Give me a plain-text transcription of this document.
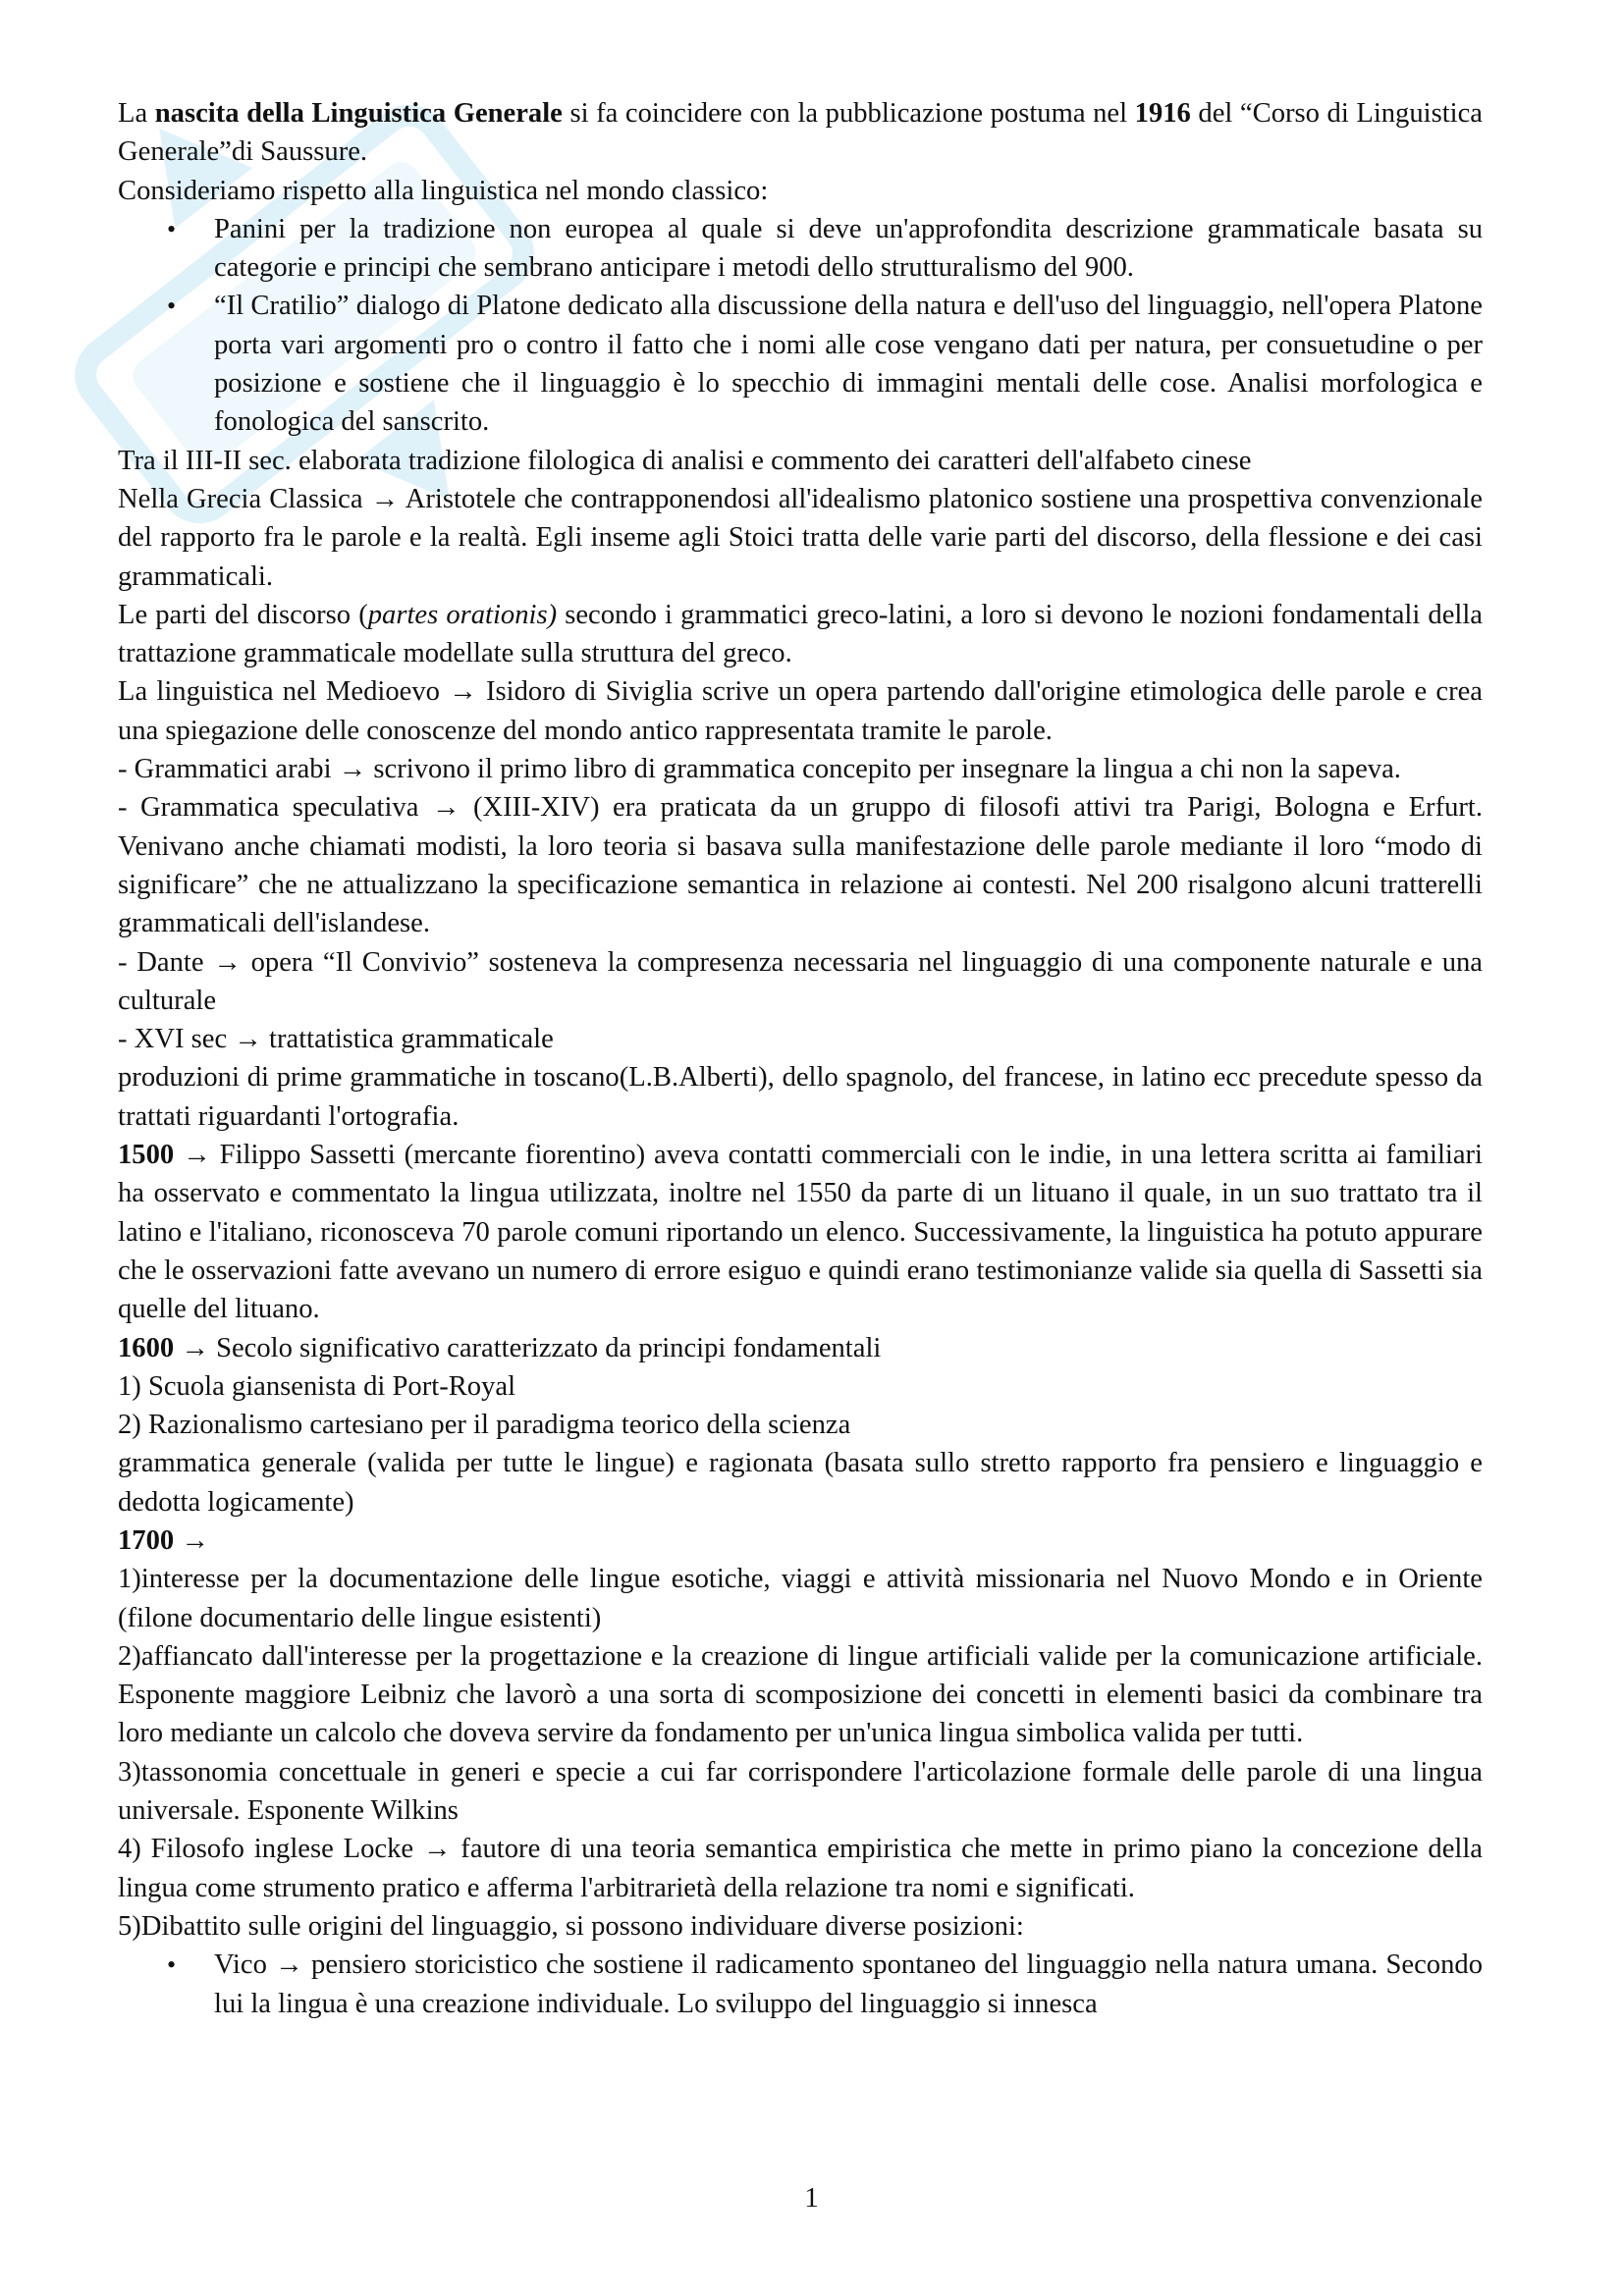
La nascita della Linguistica Generale si fa coincidere con la pubblicazione postuma nel 1916 del “Corso di Linguistica Generale”di Saussure.

Consideriamo rispetto alla linguistica nel mondo classico:

• Panini per la tradizione non europea al quale si deve un'approfondita descrizione grammaticale basata su categorie e principi che sembrano anticipare i metodi dello strutturalismo del 900.
• “Il Cratilio” dialogo di Platone dedicato alla discussione della natura e dell'uso del linguaggio, nell'opera Platone porta vari argomenti pro o contro il fatto che i nomi alle cose vengano dati per natura, per consuetudine o per posizione e sostiene che il linguaggio è lo specchio di immagini mentali delle cose. Analisi morfologica e fonologica del sanscrito.

Tra il III-II sec. elaborata tradizione filologica di analisi e commento dei caratteri dell'alfabeto cinese

Nella Grecia Classica → Aristotele che contrapponendosi all'idealismo platonico sostiene una prospettiva convenzionale del rapporto fra le parole e la realtà. Egli inseme agli Stoici tratta delle varie parti del discorso, della flessione e dei casi grammaticali.

Le parti del discorso (partes orationis) secondo i grammatici greco-latini, a loro si devono le nozioni fondamentali della trattazione grammaticale modellate sulla struttura del greco.

La linguistica nel Medioevo → Isidoro di Siviglia scrive un opera partendo dall'origine etimologica delle parole e crea una spiegazione delle conoscenze del mondo antico rappresentata tramite le parole.

- Grammatici arabi → scrivono il primo libro di grammatica concepito per insegnare la lingua a chi non la sapeva.

- Grammatica speculativa → (XIII-XIV) era praticata da un gruppo di filosofi attivi tra Parigi, Bologna e Erfurt. Venivano anche chiamati modisti, la loro teoria si basava sulla manifestazione delle parole mediante il loro “modo di significare” che ne attualizzano la specificazione semantica in relazione ai contesti. Nel 200 risalgono alcuni tratterelli grammaticali dell'islandese.

- Dante → opera “Il Convivio” sosteneva la compresenza necessaria nel linguaggio di una componente naturale e una culturale

- XVI sec → trattatistica grammaticale

produzioni di prime grammatiche in toscano(L.B.Alberti), dello spagnolo, del francese, in latino ecc precedute spesso da trattati riguardanti l'ortografia.

1500 → Filippo Sassetti (mercante fiorentino) aveva contatti commerciali con le indie, in una lettera scritta ai familiari ha osservato e commentato la lingua utilizzata, inoltre nel 1550 da parte di un lituano il quale, in un suo trattato tra il latino e l'italiano, riconosceva 70 parole comuni riportando un elenco. Successivamente, la linguistica ha potuto appurare che le osservazioni fatte avevano un numero di errore esiguo e quindi erano testimonianze valide sia quella di Sassetti sia quelle del lituano.

1600 → Secolo significativo caratterizzato da principi fondamentali

1) Scuola giansenista di Port-Royal

2) Razionalismo cartesiano per il paradigma teorico della scienza

grammatica generale (valida per tutte le lingue) e ragionata (basata sullo stretto rapporto fra pensiero e linguaggio e dedotta logicamente)

1700 →

1)interesse per la documentazione delle lingue esotiche, viaggi e attività missionaria nel Nuovo Mondo e in Oriente (filone documentario delle lingue esistenti)

2)affiancato dall'interesse per la progettazione e la creazione di lingue artificiali valide per la comunicazione artificiale. Esponente maggiore Leibniz che lavorò a una sorta di scomposizione dei concetti in elementi basici da combinare tra loro mediante un calcolo che doveva servire da fondamento per un'unica lingua simbolica valida per tutti.

3)tassonomia concettuale in generi e specie a cui far corrispondere l'articolazione formale delle parole di una lingua universale. Esponente Wilkins

4) Filosofo inglese Locke → fautore di una teoria semantica empiristica che mette in primo piano la concezione della lingua come strumento pratico e afferma l'arbitrarietà della relazione tra nomi e significati.

5)Dibattito sulle origini del linguaggio, si possono individuare diverse posizioni:

• Vico → pensiero storicistico che sostiene il radicamento spontaneo del linguaggio nella natura umana. Secondo lui la lingua è una creazione individuale. Lo sviluppo del linguaggio si innesca
1
